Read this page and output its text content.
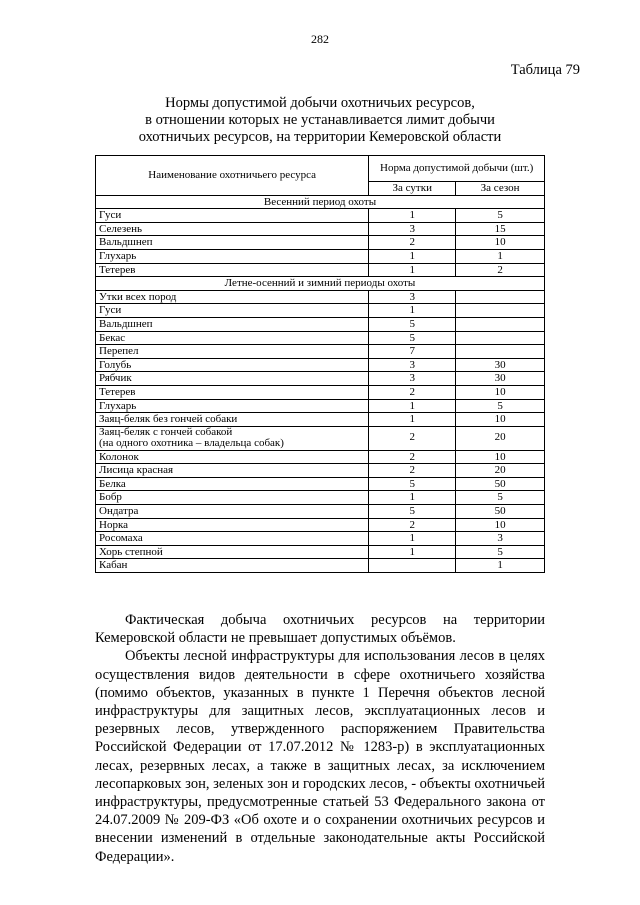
282
Таблица 79
Нормы допустимой добычи охотничьих ресурсов,
в отношении которых не устанавливается лимит добычи
охотничьих ресурсов, на территории Кемеровской области
Наименование охотничьего ресурса	Норма допустимой добычи (шт.)	
	За сутки	За сезон
Весенний период охоты		
Гуси	1	5
Селезень	3	15
Вальдшнеп	2	10
Глухарь	1	1
Тетерев	1	2
Летне-осенний и зимний периоды охоты		
Утки всех пород	3	
Гуси	1	
Вальдшнеп	5	
Бекас	5	
Перепел	7	
Голубь	3	30
Рябчик	3	30
Тетерев	2	10
Глухарь	1	5
Заяц-беляк без гончей собаки	1	10

Заяц-беляк с гончей собакой
(на одного охотника – владельца собак)	2	20
Колонок	2	10
Лисица красная	2	20
Белка	5	50
Бобр	1	5
Ондатра	5	50
Норка	2	10
Росомаха	1	3
Хорь степной	1	5
Кабан		1

Фактическая добыча охотничьих ресурсов на территории Кемеровской области не превышает допустимых объёмов.

Объекты лесной инфраструктуры для использования лесов в целях осуществления видов деятельности в сфере охотничьего хозяйства (помимо объектов, указанных в пункте 1 Перечня объектов лесной инфраструктуры для защитных лесов, эксплуатационных лесов и резервных лесов, утвержденного распоряжением Правительства Российской Федерации от 17.07.2012 № 1283-р) в эксплуатационных лесах, резервных лесах, а также в защитных лесах, за исключением лесопарковых зон, зеленых зон и городских лесов, - объекты охотничьей инфраструктуры, предусмотренные статьей 53 Федерального закона от 24.07.2009 № 209-ФЗ «Об охоте и о сохранении охотничьих ресурсов и внесении изменений в отдельные законодательные акты Российской Федерации».
